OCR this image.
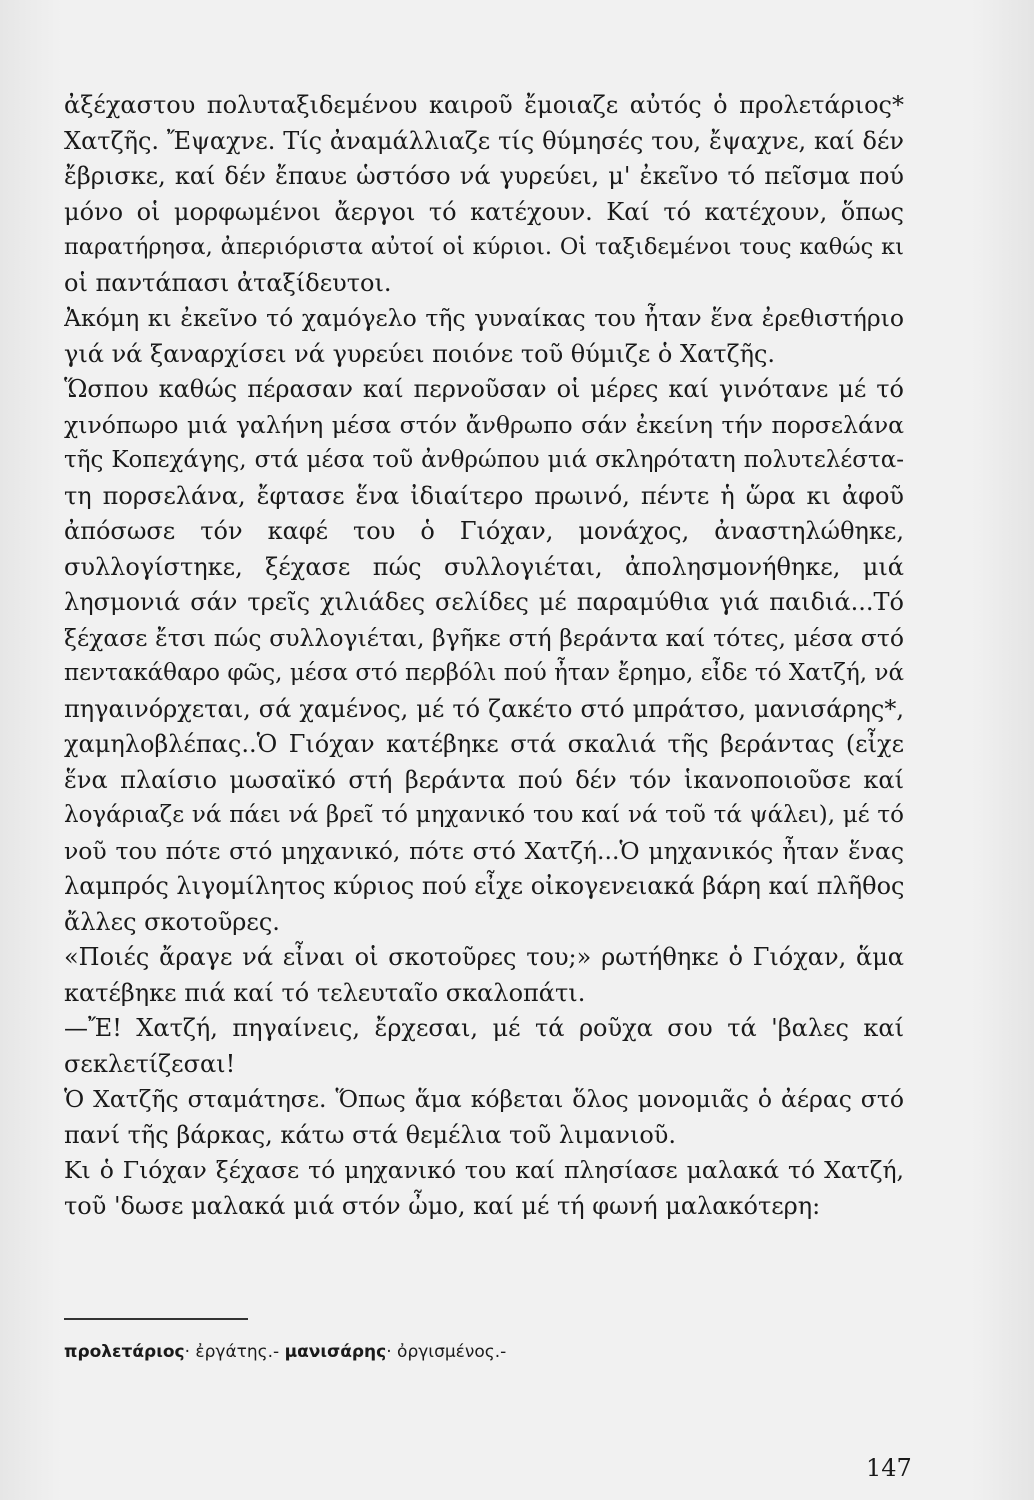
ἀξέχαστου πολυταξιδεμένου καιροῦ ἔμοιαζε αὐτός ὁ προλετάριος*
Χατζῆς. Ἔψαχνε. Τίς ἀναμάλλιαζε τίς θύμησές του, ἔψαχνε, καί δέν
ἔβρισκε, καί δέν ἔπαυε ὡστόσο νά γυρεύει, μ' ἐκεῖνο τό πεῖσμα πού
μόνο οἱ μορφωμένοι ἄεργοι τό κατέχουν. Καί τό κατέχουν, ὅπως
παρατήρησα, ἀπεριόριστα αὐτοί οἱ κύριοι. Οἱ ταξιδεμένοι τους καθώς κι
οἱ παντάπασι ἀταξίδευτοι.
Ἀκόμη κι ἐκεῖνο τό χαμόγελο τῆς γυναίκας του ἦταν ἕνα ἐρεθιστήριο
γιά νά ξαναρχίσει νά γυρεύει ποιόνε τοῦ θύμιζε ὁ Χατζῆς.
Ὥσπου καθώς πέρασαν καί περνοῦσαν οἱ μέρες καί γινότανε μέ τό
χινόπωρο μιά γαλήνη μέσα στόν ἄνθρωπο σάν ἐκείνη τήν πορσελάνα
τῆς Κοπεχάγης, στά μέσα τοῦ ἀνθρώπου μιά σκληρότατη πολυτελέστα-
τη πορσελάνα, ἔφτασε ἕνα ἰδιαίτερο πρωινό, πέντε ἡ ὥρα κι ἀφοῦ
ἀπόσωσε τόν καφέ του ὁ Γιόχαν, μονάχος, ἀναστηλώθηκε,
συλλογίστηκε, ξέχασε πώς συλλογιέται, ἀπολησμονήθηκε, μιά
λησμονιά σάν τρεῖς χιλιάδες σελίδες μέ παραμύθια γιά παιδιά...Τό
ξέχασε ἔτσι πώς συλλογιέται, βγῆκε στή βεράντα καί τότες, μέσα στό
πεντακάθαρο φῶς, μέσα στό περβόλι πού ἦταν ἔρημο, εἶδε τό Χατζή, νά
πηγαινόρχεται, σά χαμένος, μέ τό ζακέτο στό μπράτσο, μανισάρης*,
χαμηλοβλέπας..Ὁ Γιόχαν κατέβηκε στά σκαλιά τῆς βεράντας (εἶχε
ἕνα πλαίσιο μωσαϊκό στή βεράντα πού δέν τόν ἱκανοποιοῦσε καί
λογάριαζε νά πάει νά βρεῖ τό μηχανικό του καί νά τοῦ τά ψάλει), μέ τό
νοῦ του πότε στό μηχανικό, πότε στό Χατζή...Ὁ μηχανικός ἦταν ἕνας
λαμπρός λιγομίλητος κύριος πού εἶχε οἰκογενειακά βάρη καί πλῆθος
ἄλλες σκοτοῦρες.
«Ποιές ἄραγε νά εἶναι οἱ σκοτοῦρες του;» ρωτήθηκε ὁ Γιόχαν, ἅμα
κατέβηκε πιά καί τό τελευταῖο σκαλοπάτι.
—Ἔ! Χατζή, πηγαίνεις, ἔρχεσαι, μέ τά ροῦχα σου τά 'βαλες καί
σεκλετίζεσαι!
Ὁ Χατζῆς σταμάτησε. Ὅπως ἅμα κόβεται ὅλος μονομιᾶς ὁ ἀέρας στό
πανί τῆς βάρκας, κάτω στά θεμέλια τοῦ λιμανιοῦ.
Κι ὁ Γιόχαν ξέχασε τό μηχανικό του καί πλησίασε μαλακά τό Χατζή,
τοῦ 'δωσε μαλακά μιά στόν ὦμο, καί μέ τή φωνή μαλακότερη:
προλετάριος· ἐργάτης.- μανισάρης· ὀργισμένος.-
147
